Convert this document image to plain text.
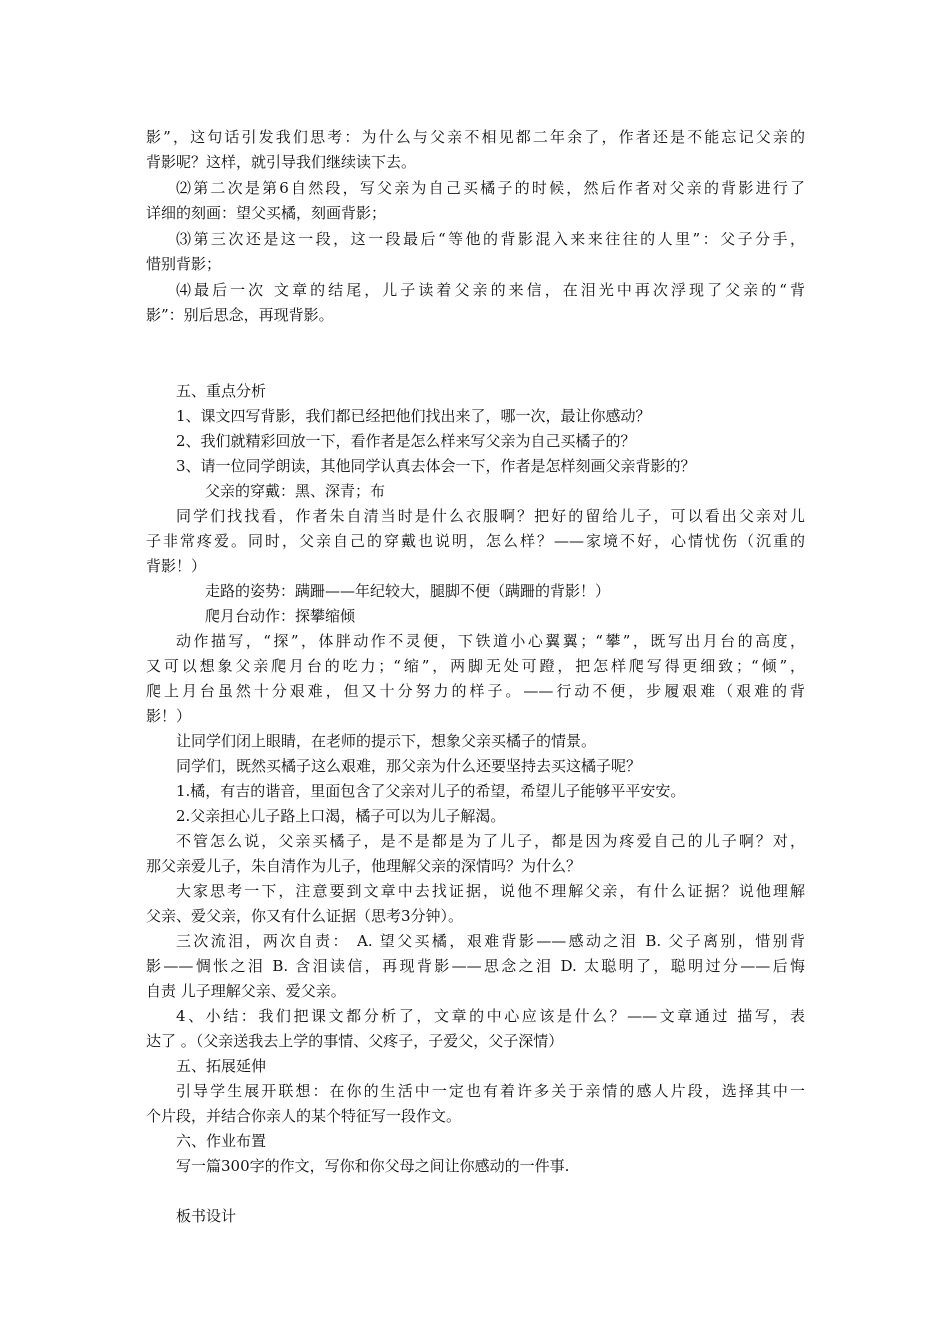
影”，这句话引发我们思考：为什么与父亲不相见都二年余了，作者还是不能忘记父亲的
背影呢？这样，就引导我们继续读下去。
⑵第二次是第6自然段，写父亲为自己买橘子的时候，然后作者对父亲的背影进行了
详细的刻画：望父买橘，刻画背影；
⑶第三次还是这一段，这一段最后“等他的背影混入来来往往的人里”：父子分手，
惜别背影；
⑷最后一次 文章的结尾，儿子读着父亲的来信，在泪光中再次浮现了父亲的“背
影”：别后思念，再现背影。
五、重点分析
1、课文四写背影，我们都已经把他们找出来了，哪一次，最让你感动？
2、我们就精彩回放一下，看作者是怎么样来写父亲为自己买橘子的？
3、请一位同学朗读，其他同学认真去体会一下，作者是怎样刻画父亲背影的？
父亲的穿戴：黑、深青；布
同学们找找看，作者朱自清当时是什么衣服啊？把好的留给儿子，可以看出父亲对儿
子非常疼爱。同时，父亲自己的穿戴也说明，怎么样？——家境不好，心情忧伤（沉重的
背影！）
走路的姿势：蹒跚——年纪较大，腿脚不便（蹒跚的背影！）
爬月台动作：探攀缩倾
动作描写，“探”，体胖动作不灵便，下铁道小心翼翼；“攀”，既写出月台的高度，
又可以想象父亲爬月台的吃力；“缩”，两脚无处可蹬，把怎样爬写得更细致；“倾”，
爬上月台虽然十分艰难，但又十分努力的样子。——行动不便，步履艰难（艰难的背
影！）
让同学们闭上眼睛，在老师的提示下，想象父亲买橘子的情景。
同学们，既然买橘子这么艰难，那父亲为什么还要坚持去买这橘子呢？
1.橘，有吉的谐音，里面包含了父亲对儿子的希望，希望儿子能够平平安安。
2.父亲担心儿子路上口渴，橘子可以为儿子解渴。
不管怎么说，父亲买橘子，是不是都是为了儿子，都是因为疼爱自己的儿子啊？对，
那父亲爱儿子，朱自清作为儿子，他理解父亲的深情吗？为什么？
大家思考一下，注意要到文章中去找证据，说他不理解父亲，有什么证据？说他理解
父亲、爱父亲，你又有什么证据（思考3分钟）。
三次流泪，两次自责： A. 望父买橘，艰难背影——感动之泪 B. 父子离别，惜别背
影——惆怅之泪 B. 含泪读信，再现背影——思念之泪 D. 太聪明了，聪明过分——后悔
自责 儿子理解父亲、爱父亲。
4、小结：我们把课文都分析了，文章的中心应该是什么？——文章通过 描写，表
达了 。（父亲送我去上学的事情、父疼子，子爱父，父子深情）
五、拓展延伸
引导学生展开联想：在你的生活中一定也有着许多关于亲情的感人片段，选择其中一
个片段，并结合你亲人的某个特征写一段作文。
六、作业布置
写一篇300字的作文，写你和你父母之间让你感动的一件事.
板书设计
